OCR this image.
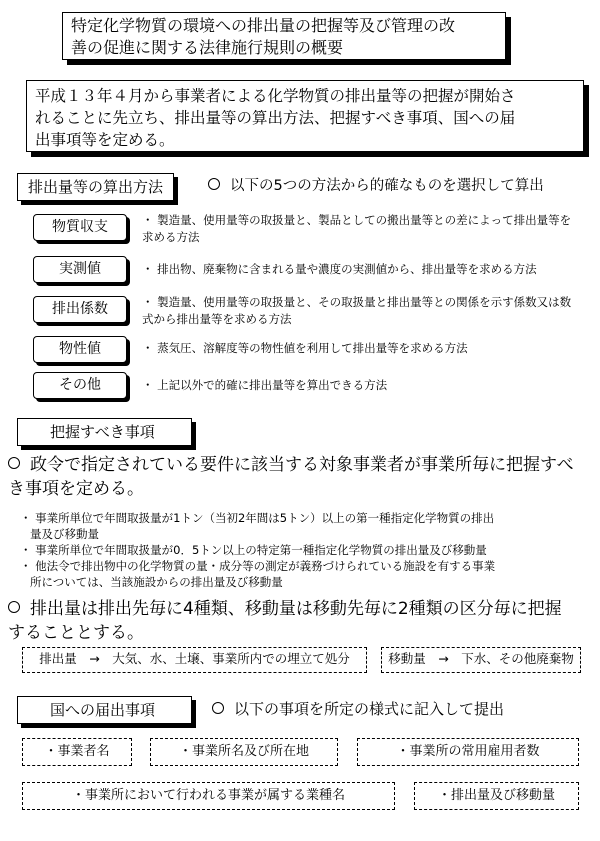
特定化学物質の環境への排出量の把握等及び管理の改
善の促進に関する法律施行規則の概要
平成１３年４月から事業者による化学物質の排出量等の把握が開始さ
れることに先立ち、排出量等の算出方法、把握すべき事項、国への届
出事項等を定める。
排出量等の算出方法	以下の5つの方法から的確なものを選択して算出
物質収支	・ 製造量、使用量等の取扱量と、製品としての搬出量等との差によって排出量等を求める方法
実測値	・ 排出物、廃棄物に含まれる量や濃度の実測値から、排出量等を求める方法
排出係数	・ 製造量、使用量等の取扱量と、その取扱量と排出量等との関係を示す係数又は数式から排出量等を求める方法
物性値	・ 蒸気圧、溶解度等の物性値を利用して排出量等を求める方法
その他	・ 上記以外で的確に排出量等を算出できる方法
把握すべき事項
政令で指定されている要件に該当する対象事業者が事業所毎に把握すべ
き事項を定める。
・ 事業所単位で年間取扱量が1トン（当初2年間は5トン）以上の第一種指定化学物質の排出
量及び移動量
・ 事業所単位で年間取扱量が0．5トン以上の特定第一種指定化学物質の排出量及び移動量
・ 他法令で排出物中の化学物質の量・成分等の測定が義務づけられている施設を有する事業
所については、当該施設からの排出量及び移動量
排出量は排出先毎に4種類、移動量は移動先毎に2種類の区分毎に把握
することとする。
排出量　→　大気、水、土壌、事業所内での埋立て処分	移動量　→　下水、その他廃棄物
国への届出事項	以下の事項を所定の様式に記入して提出
・事業者名	・事業所名及び所在地	・事業所の常用雇用者数
・事業所において行われる事業が属する業種名	・排出量及び移動量
